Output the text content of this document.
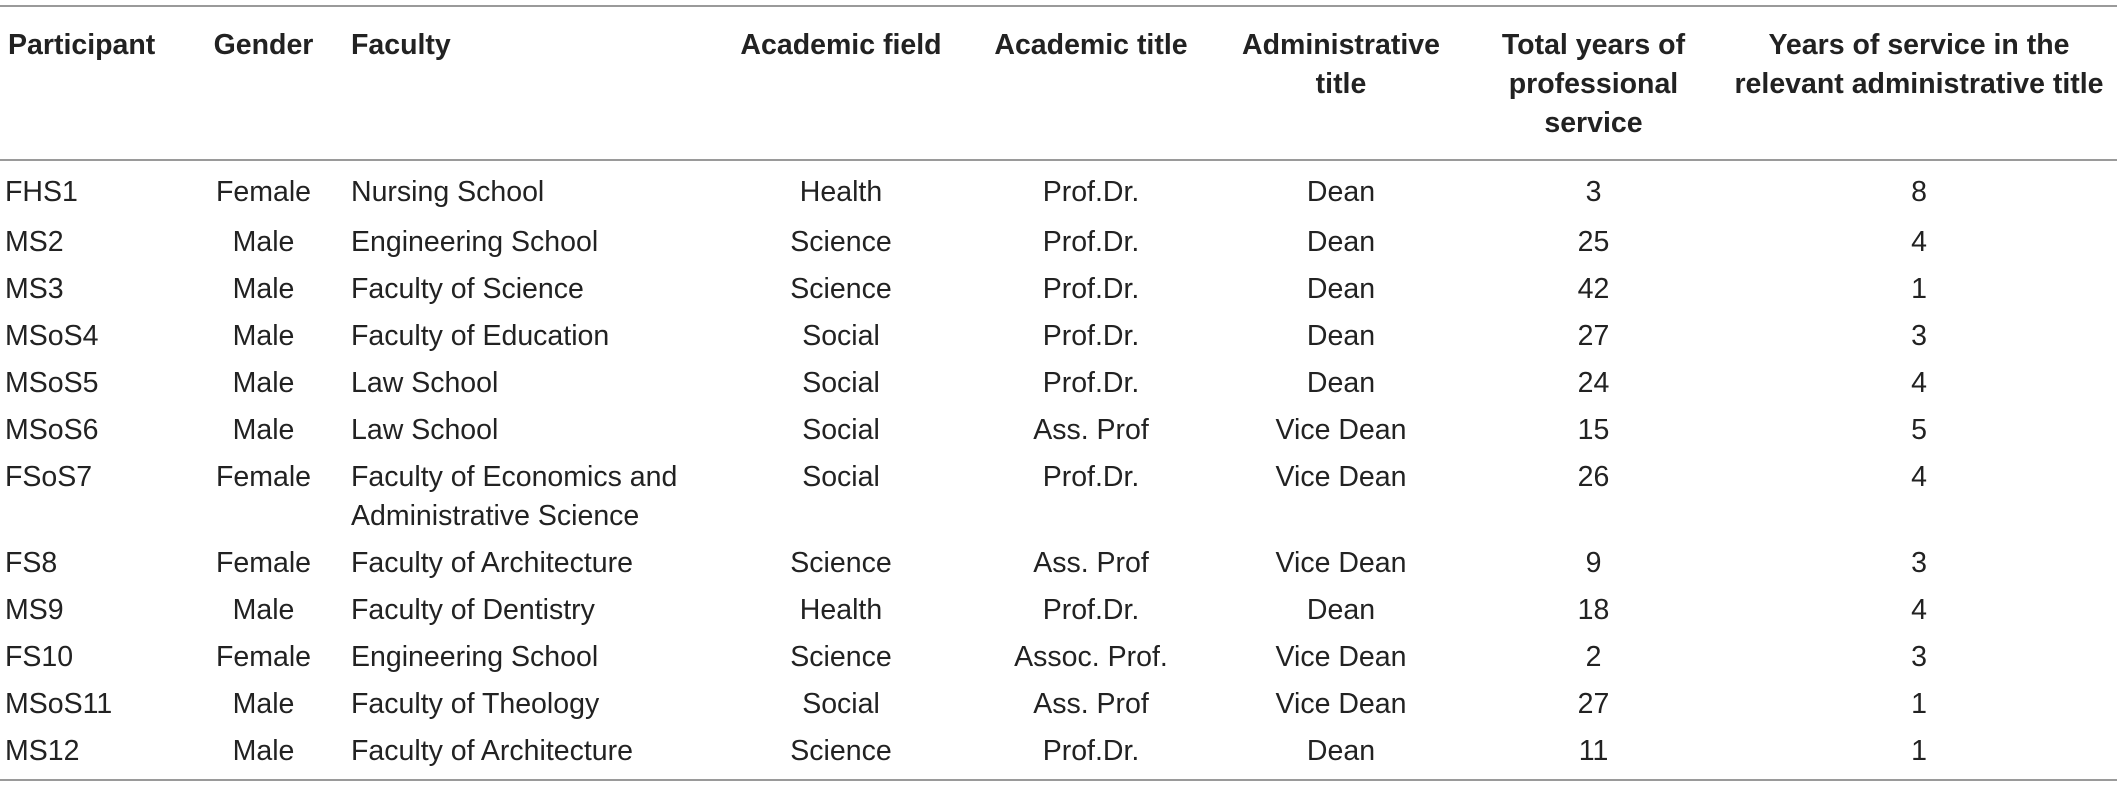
Participant	Gender	Faculty	Academic field	Academic title	Administrative title	Total years of professional service	Years of service in the relevant administrative title
FHS1	Female	Nursing School	Health	Prof.Dr.	Dean	3	8
MS2	Male	Engineering School	Science	Prof.Dr.	Dean	25	4
MS3	Male	Faculty of Science	Science	Prof.Dr.	Dean	42	1
MSoS4	Male	Faculty of Education	Social	Prof.Dr.	Dean	27	3
MSoS5	Male	Law School	Social	Prof.Dr.	Dean	24	4
MSoS6	Male	Law School	Social	Ass. Prof	Vice Dean	15	5
FSoS7	Female	Faculty of Economics and Administrative Science	Social	Prof.Dr.	Vice Dean	26	4
FS8	Female	Faculty of Architecture	Science	Ass. Prof	Vice Dean	9	3
MS9	Male	Faculty of Dentistry	Health	Prof.Dr.	Dean	18	4
FS10	Female	Engineering School	Science	Assoc. Prof.	Vice Dean	2	3
MSoS11	Male	Faculty of Theology	Social	Ass. Prof	Vice Dean	27	1
MS12	Male	Faculty of Architecture	Science	Prof.Dr.	Dean	11	1
